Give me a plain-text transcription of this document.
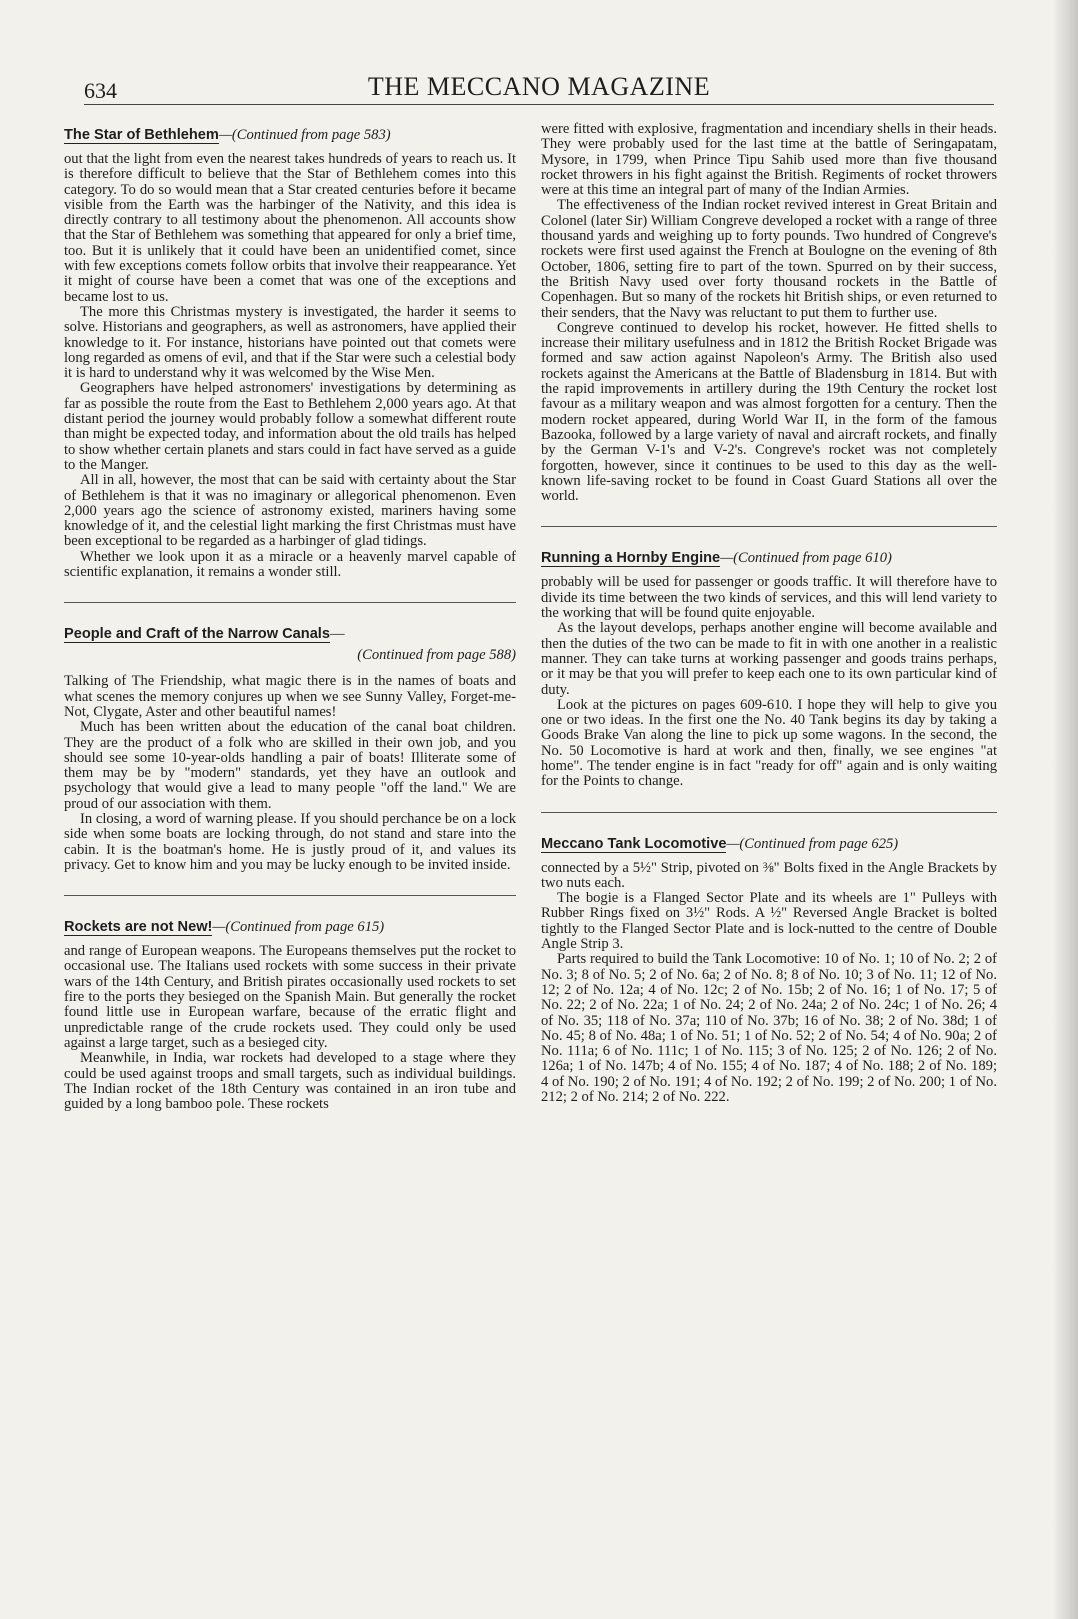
634	THE MECCANO MAGAZINE
The Star of Bethlehem—(Continued from page 583)

out that the light from even the nearest takes hundreds of years to reach us. It is therefore difficult to believe that the Star of Bethlehem comes into this category. To do so would mean that a Star created centuries before it became visible from the Earth was the harbinger of the Nativity, and this idea is directly contrary to all testimony about the phenomenon. All accounts show that the Star of Bethlehem was something that appeared for only a brief time, too. But it is unlikely that it could have been an unidentified comet, since with few exceptions comets follow orbits that involve their reappearance. Yet it might of course have been a comet that was one of the exceptions and became lost to us.

The more this Christmas mystery is investigated, the harder it seems to solve. Historians and geographers, as well as astronomers, have applied their knowledge to it. For instance, historians have pointed out that comets were long regarded as omens of evil, and that if the Star were such a celestial body it is hard to understand why it was welcomed by the Wise Men.

Geographers have helped astronomers' investigations by determining as far as possible the route from the East to Bethlehem 2,000 years ago. At that distant period the journey would probably follow a somewhat different route than might be expected today, and information about the old trails has helped to show whether certain planets and stars could in fact have served as a guide to the Manger.

All in all, however, the most that can be said with certainty about the Star of Bethlehem is that it was no imaginary or allegorical phenomenon. Even 2,000 years ago the science of astronomy existed, mariners having some knowledge of it, and the celestial light marking the first Christmas must have been exceptional to be regarded as a harbinger of glad tidings.

Whether we look upon it as a miracle or a heavenly marvel capable of scientific explanation, it remains a wonder still.

People and Craft of the Narrow Canals—
(Continued from page 588)

Talking of The Friendship, what magic there is in the names of boats and what scenes the memory conjures up when we see Sunny Valley, Forget-me-Not, Clygate, Aster and other beautiful names!

Much has been written about the education of the canal boat children. They are the product of a folk who are skilled in their own job, and you should see some 10-year-olds handling a pair of boats! Illiterate some of them may be by "modern" standards, yet they have an outlook and psychology that would give a lead to many people "off the land." We are proud of our association with them.

In closing, a word of warning please. If you should perchance be on a lock side when some boats are locking through, do not stand and stare into the cabin. It is the boatman's home. He is justly proud of it, and values its privacy. Get to know him and you may be lucky enough to be invited inside.

Rockets are not New!—(Continued from page 615)

and range of European weapons. The Europeans themselves put the rocket to occasional use. The Italians used rockets with some success in their private wars of the 14th Century, and British pirates occasionally used rockets to set fire to the ports they besieged on the Spanish Main. But generally the rocket found little use in European warfare, because of the erratic flight and unpredictable range of the crude rockets used. They could only be used against a large target, such as a besieged city.

Meanwhile, in India, war rockets had developed to a stage where they could be used against troops and small targets, such as individual buildings. The Indian rocket of the 18th Century was contained in an iron tube and guided by a long bamboo pole. These rockets

were fitted with explosive, fragmentation and incendiary shells in their heads. They were probably used for the last time at the battle of Seringapatam, Mysore, in 1799, when Prince Tipu Sahib used more than five thousand rocket throwers in his fight against the British. Regiments of rocket throwers were at this time an integral part of many of the Indian Armies.

The effectiveness of the Indian rocket revived interest in Great Britain and Colonel (later Sir) William Congreve developed a rocket with a range of three thousand yards and weighing up to forty pounds. Two hundred of Congreve's rockets were first used against the French at Boulogne on the evening of 8th October, 1806, setting fire to part of the town. Spurred on by their success, the British Navy used over forty thousand rockets in the Battle of Copenhagen. But so many of the rockets hit British ships, or even returned to their senders, that the Navy was reluctant to put them to further use.

Congreve continued to develop his rocket, however. He fitted shells to increase their military usefulness and in 1812 the British Rocket Brigade was formed and saw action against Napoleon's Army. The British also used rockets against the Americans at the Battle of Bladensburg in 1814. But with the rapid improvements in artillery during the 19th Century the rocket lost favour as a military weapon and was almost forgotten for a century. Then the modern rocket appeared, during World War II, in the form of the famous Bazooka, followed by a large variety of naval and aircraft rockets, and finally by the German V-1's and V-2's. Congreve's rocket was not completely forgotten, however, since it continues to be used to this day as the well-known life-saving rocket to be found in Coast Guard Stations all over the world.

Running a Hornby Engine—(Continued from page 610)

probably will be used for passenger or goods traffic. It will therefore have to divide its time between the two kinds of services, and this will lend variety to the working that will be found quite enjoyable.

As the layout develops, perhaps another engine will become available and then the duties of the two can be made to fit in with one another in a realistic manner. They can take turns at working passenger and goods trains perhaps, or it may be that you will prefer to keep each one to its own particular kind of duty.

Look at the pictures on pages 609-610. I hope they will help to give you one or two ideas. In the first one the No. 40 Tank begins its day by taking a Goods Brake Van along the line to pick up some wagons. In the second, the No. 50 Locomotive is hard at work and then, finally, we see engines "at home". The tender engine is in fact "ready for off" again and is only waiting for the Points to change.

Meccano Tank Locomotive—(Continued from page 625)

connected by a 5½" Strip, pivoted on ⅜" Bolts fixed in the Angle Brackets by two nuts each.

The bogie is a Flanged Sector Plate and its wheels are 1" Pulleys with Rubber Rings fixed on 3½" Rods. A ½" Reversed Angle Bracket is bolted tightly to the Flanged Sector Plate and is lock-nutted to the centre of Double Angle Strip 3.

Parts required to build the Tank Locomotive: 10 of No. 1; 10 of No. 2; 2 of No. 3; 8 of No. 5; 2 of No. 6a; 2 of No. 8; 8 of No. 10; 3 of No. 11; 12 of No. 12; 2 of No. 12a; 4 of No. 12c; 2 of No. 15b; 2 of No. 16; 1 of No. 17; 5 of No. 22; 2 of No. 22a; 1 of No. 24; 2 of No. 24a; 2 of No. 24c; 1 of No. 26; 4 of No. 35; 118 of No. 37a; 110 of No. 37b; 16 of No. 38; 2 of No. 38d; 1 of No. 45; 8 of No. 48a; 1 of No. 51; 1 of No. 52; 2 of No. 54; 4 of No. 90a; 2 of No. 111a; 6 of No. 111c; 1 of No. 115; 3 of No. 125; 2 of No. 126; 2 of No. 126a; 1 of No. 147b; 4 of No. 155; 4 of No. 187; 4 of No. 188; 2 of No. 189; 4 of No. 190; 2 of No. 191; 4 of No. 192; 2 of No. 199; 2 of No. 200; 1 of No. 212; 2 of No. 214; 2 of No. 222.
